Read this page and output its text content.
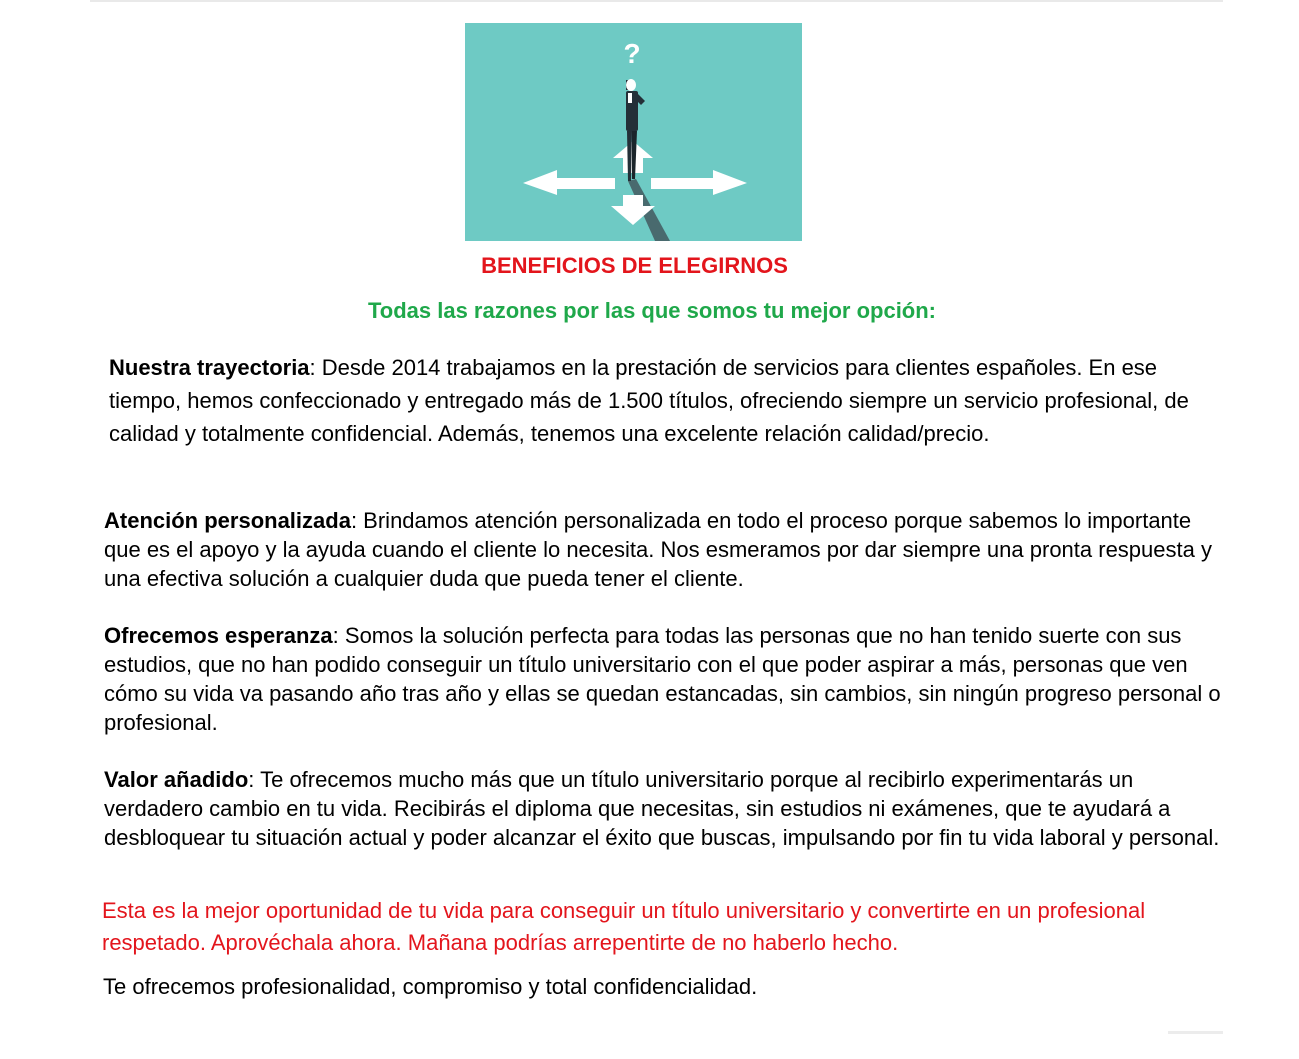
?
BENEFICIOS DE ELEGIRNOS
Todas las razones por las que somos tu mejor opción:

Nuestra trayectoria: Desde 2014 trabajamos en la prestación de servicios para clientes españoles. En ese tiempo, hemos confeccionado y entregado más de 1.500 títulos, ofreciendo siempre un servicio profesional, de calidad y totalmente confidencial. Además, tenemos una excelente relación calidad/precio.

Atención personalizada: Brindamos atención personalizada en todo el proceso porque sabemos lo importante que es el apoyo y la ayuda cuando el cliente lo necesita. Nos esmeramos por dar siempre una pronta respuesta y una efectiva solución a cualquier duda que pueda tener el cliente.

Ofrecemos esperanza: Somos la solución perfecta para todas las personas que no han tenido suerte con sus estudios, que no han podido conseguir un título universitario con el que poder aspirar a más, personas que ven cómo su vida va pasando año tras año y ellas se quedan estancadas, sin cambios, sin ningún progreso personal o profesional.

Valor añadido: Te ofrecemos mucho más que un título universitario porque al recibirlo experimentarás un verdadero cambio en tu vida. Recibirás el diploma que necesitas, sin estudios ni exámenes, que te ayudará a desbloquear tu situación actual y poder alcanzar el éxito que buscas, impulsando por fin tu vida laboral y personal.

Esta es la mejor oportunidad de tu vida para conseguir un título universitario y convertirte en un profesional respetado. Aprovéchala ahora. Mañana podrías arrepentirte de no haberlo hecho.

Te ofrecemos profesionalidad, compromiso y total confidencialidad.
